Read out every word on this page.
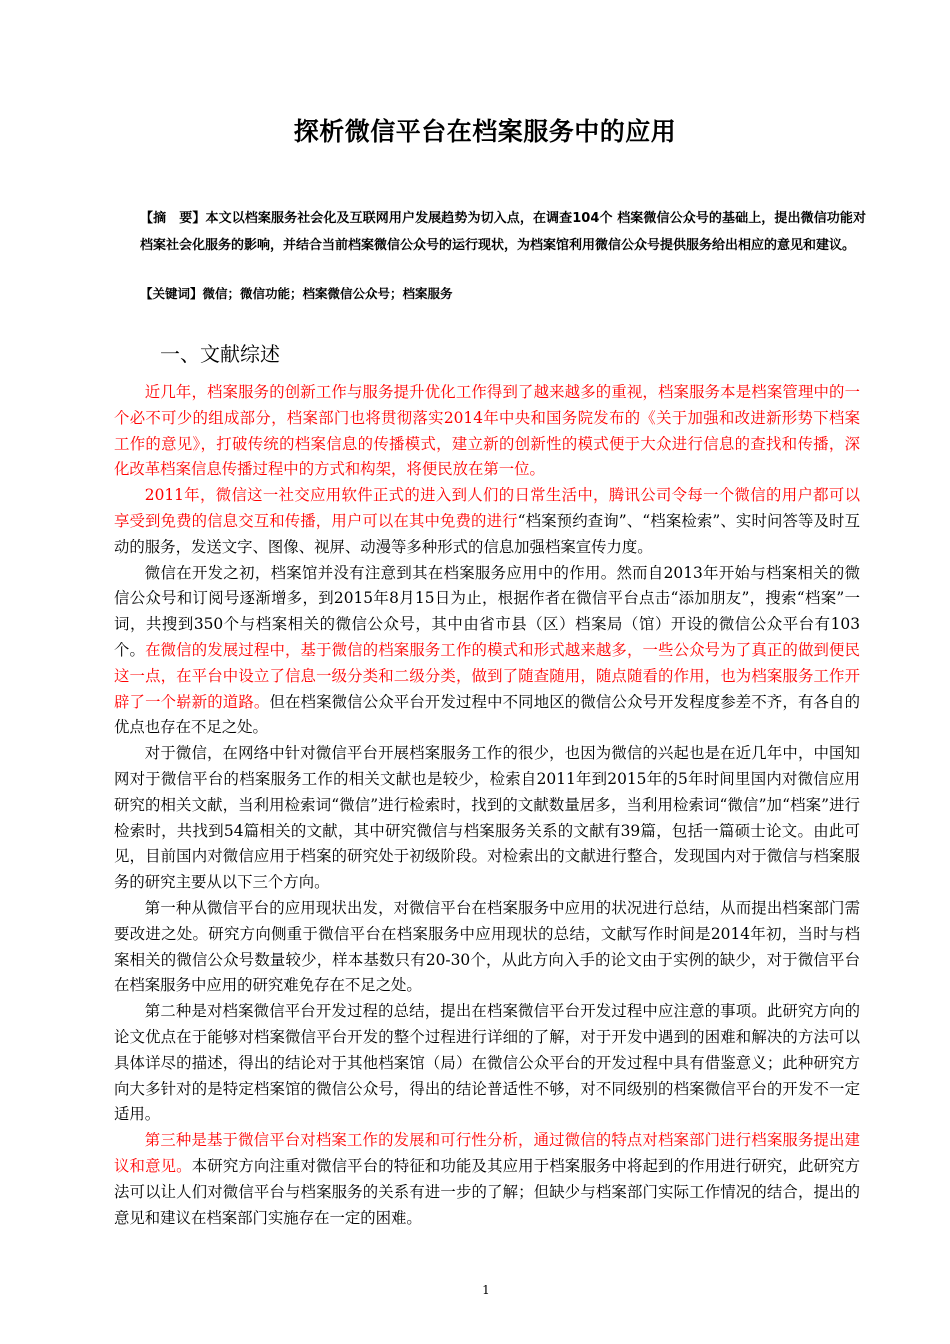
探析微信平台在档案服务中的应用
【摘　要】本文以档案服务社会化及互联网用户发展趋势为切入点，在调查104个 档案微信公众号的基础上，提出微信功能对档案社会化服务的影响，并结合当前档案微信公众号的运行现状，为档案馆利用微信公众号提供服务给出相应的意见和建议。
【关键词】微信；微信功能；档案微信公众号；档案服务
一、文献综述

近几年，档案服务的创新工作与服务提升优化工作得到了越来越多的重视，档案服务本是档案管理中的一个必不可少的组成部分，档案部门也将贯彻落实2014年中央和国务院发布的《关于加强和改进新形势下档案工作的意见》，打破传统的档案信息的传播模式，建立新的创新性的模式便于大众进行信息的查找和传播，深化改革档案信息传播过程中的方式和构架，将便民放在第一位。

2011年，微信这一社交应用软件正式的进入到人们的日常生活中，腾讯公司令每一个微信的用户都可以享受到免费的信息交互和传播，用户可以在其中免费的进行“档案预约查询”、“档案检索”、实时问答等及时互动的服务，发送文字、图像、视屏、动漫等多种形式的信息加强档案宣传力度。

微信在开发之初，档案馆并没有注意到其在档案服务应用中的作用。然而自2013年开始与档案相关的微信公众号和订阅号逐渐增多，到2015年8月15日为止，根据作者在微信平台点击“添加朋友”，搜索“档案”一词，共搜到350个与档案相关的微信公众号，其中由省市县（区）档案局（馆）开设的微信公众平台有103个。在微信的发展过程中，基于微信的档案服务工作的模式和形式越来越多，一些公众号为了真正的做到便民这一点，在平台中设立了信息一级分类和二级分类，做到了随查随用，随点随看的作用，也为档案服务工作开辟了一个崭新的道路。但在档案微信公众平台开发过程中不同地区的微信公众号开发程度参差不齐，有各自的优点也存在不足之处。

对于微信，在网络中针对微信平台开展档案服务工作的很少，也因为微信的兴起也是在近几年中，中国知网对于微信平台的档案服务工作的相关文献也是较少，检索自2011年到2015年的5年时间里国内对微信应用研究的相关文献，当利用检索词“微信”进行检索时，找到的文献数量居多，当利用检索词“微信”加“档案”进行检索时，共找到54篇相关的文献，其中研究微信与档案服务关系的文献有39篇，包括一篇硕士论文。由此可见，目前国内对微信应用于档案的研究处于初级阶段。对检索出的文献进行整合，发现国内对于微信与档案服务的研究主要从以下三个方向。

第一种从微信平台的应用现状出发，对微信平台在档案服务中应用的状况进行总结，从而提出档案部门需要改进之处。研究方向侧重于微信平台在档案服务中应用现状的总结，文献写作时间是2014年初，当时与档案相关的微信公众号数量较少，样本基数只有20-30个，从此方向入手的论文由于实例的缺少，对于微信平台在档案服务中应用的研究难免存在不足之处。

第二种是对档案微信平台开发过程的总结，提出在档案微信平台开发过程中应注意的事项。此研究方向的论文优点在于能够对档案微信平台开发的整个过程进行详细的了解，对于开发中遇到的困难和解决的方法可以具体详尽的描述，得出的结论对于其他档案馆（局）在微信公众平台的开发过程中具有借鉴意义；此种研究方向大多针对的是特定档案馆的微信公众号，得出的结论普适性不够，对不同级别的档案微信平台的开发不一定适用。

第三种是基于微信平台对档案工作的发展和可行性分析，通过微信的特点对档案部门进行档案服务提出建议和意见。本研究方向注重对微信平台的特征和功能及其应用于档案服务中将起到的作用进行研究，此研究方法可以让人们对微信平台与档案服务的关系有进一步的了解；但缺少与档案部门实际工作情况的结合，提出的意见和建议在档案部门实施存在一定的困难。

1
